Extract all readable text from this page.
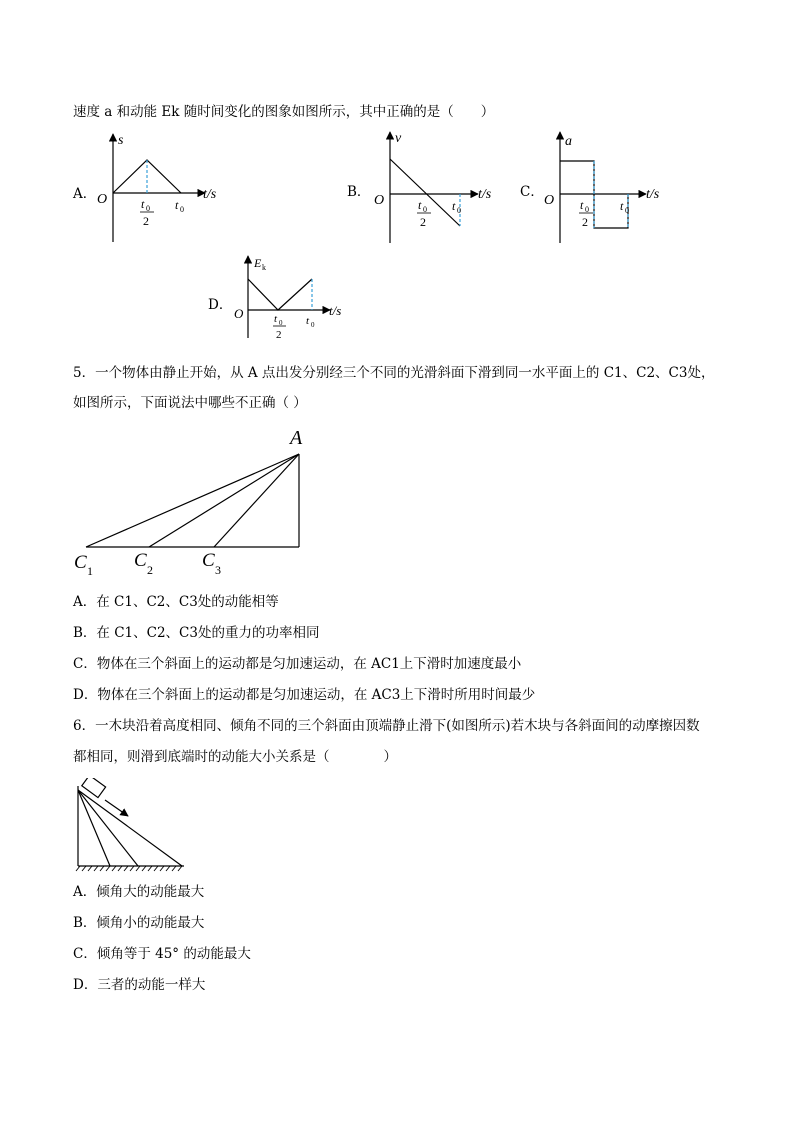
速度 a 和动能 Ek 随时间变化的图象如图所示，其中正确的是（　　）
A．
s
O	t/s
t 0
2
t 0
B．
v
O	t/s
t 0
2
t 0
C．
a
O	t/s
t 0
2
t 0
D．
E k
O	t/s
t 0
2
t 0
5．一个物体由静止开始，从 A 点出发分别经三个不同的光滑斜面下滑到同一水平面上的 C1、C2、C3处，
如图所示，下面说法中哪些不正确（ ）
A
C 1 C 2	C 3
A．在 C1、C2、C3处的动能相等
B．在 C1、C2、C3处的重力的功率相同
C．物体在三个斜面上的运动都是匀加速运动，在 AC1上下滑时加速度最小
D．物体在三个斜面上的运动都是匀加速运动，在 AC3上下滑时所用时间最少
6．一木块沿着高度相同、倾角不同的三个斜面由顶端静止滑下(如图所示)若木块与各斜面间的动摩擦因数
都相同，则滑到底端时的动能大小关系是（　　　　）
A．倾角大的动能最大
B．倾角小的动能最大
C．倾角等于 45° 的动能最大
D．三者的动能一样大
